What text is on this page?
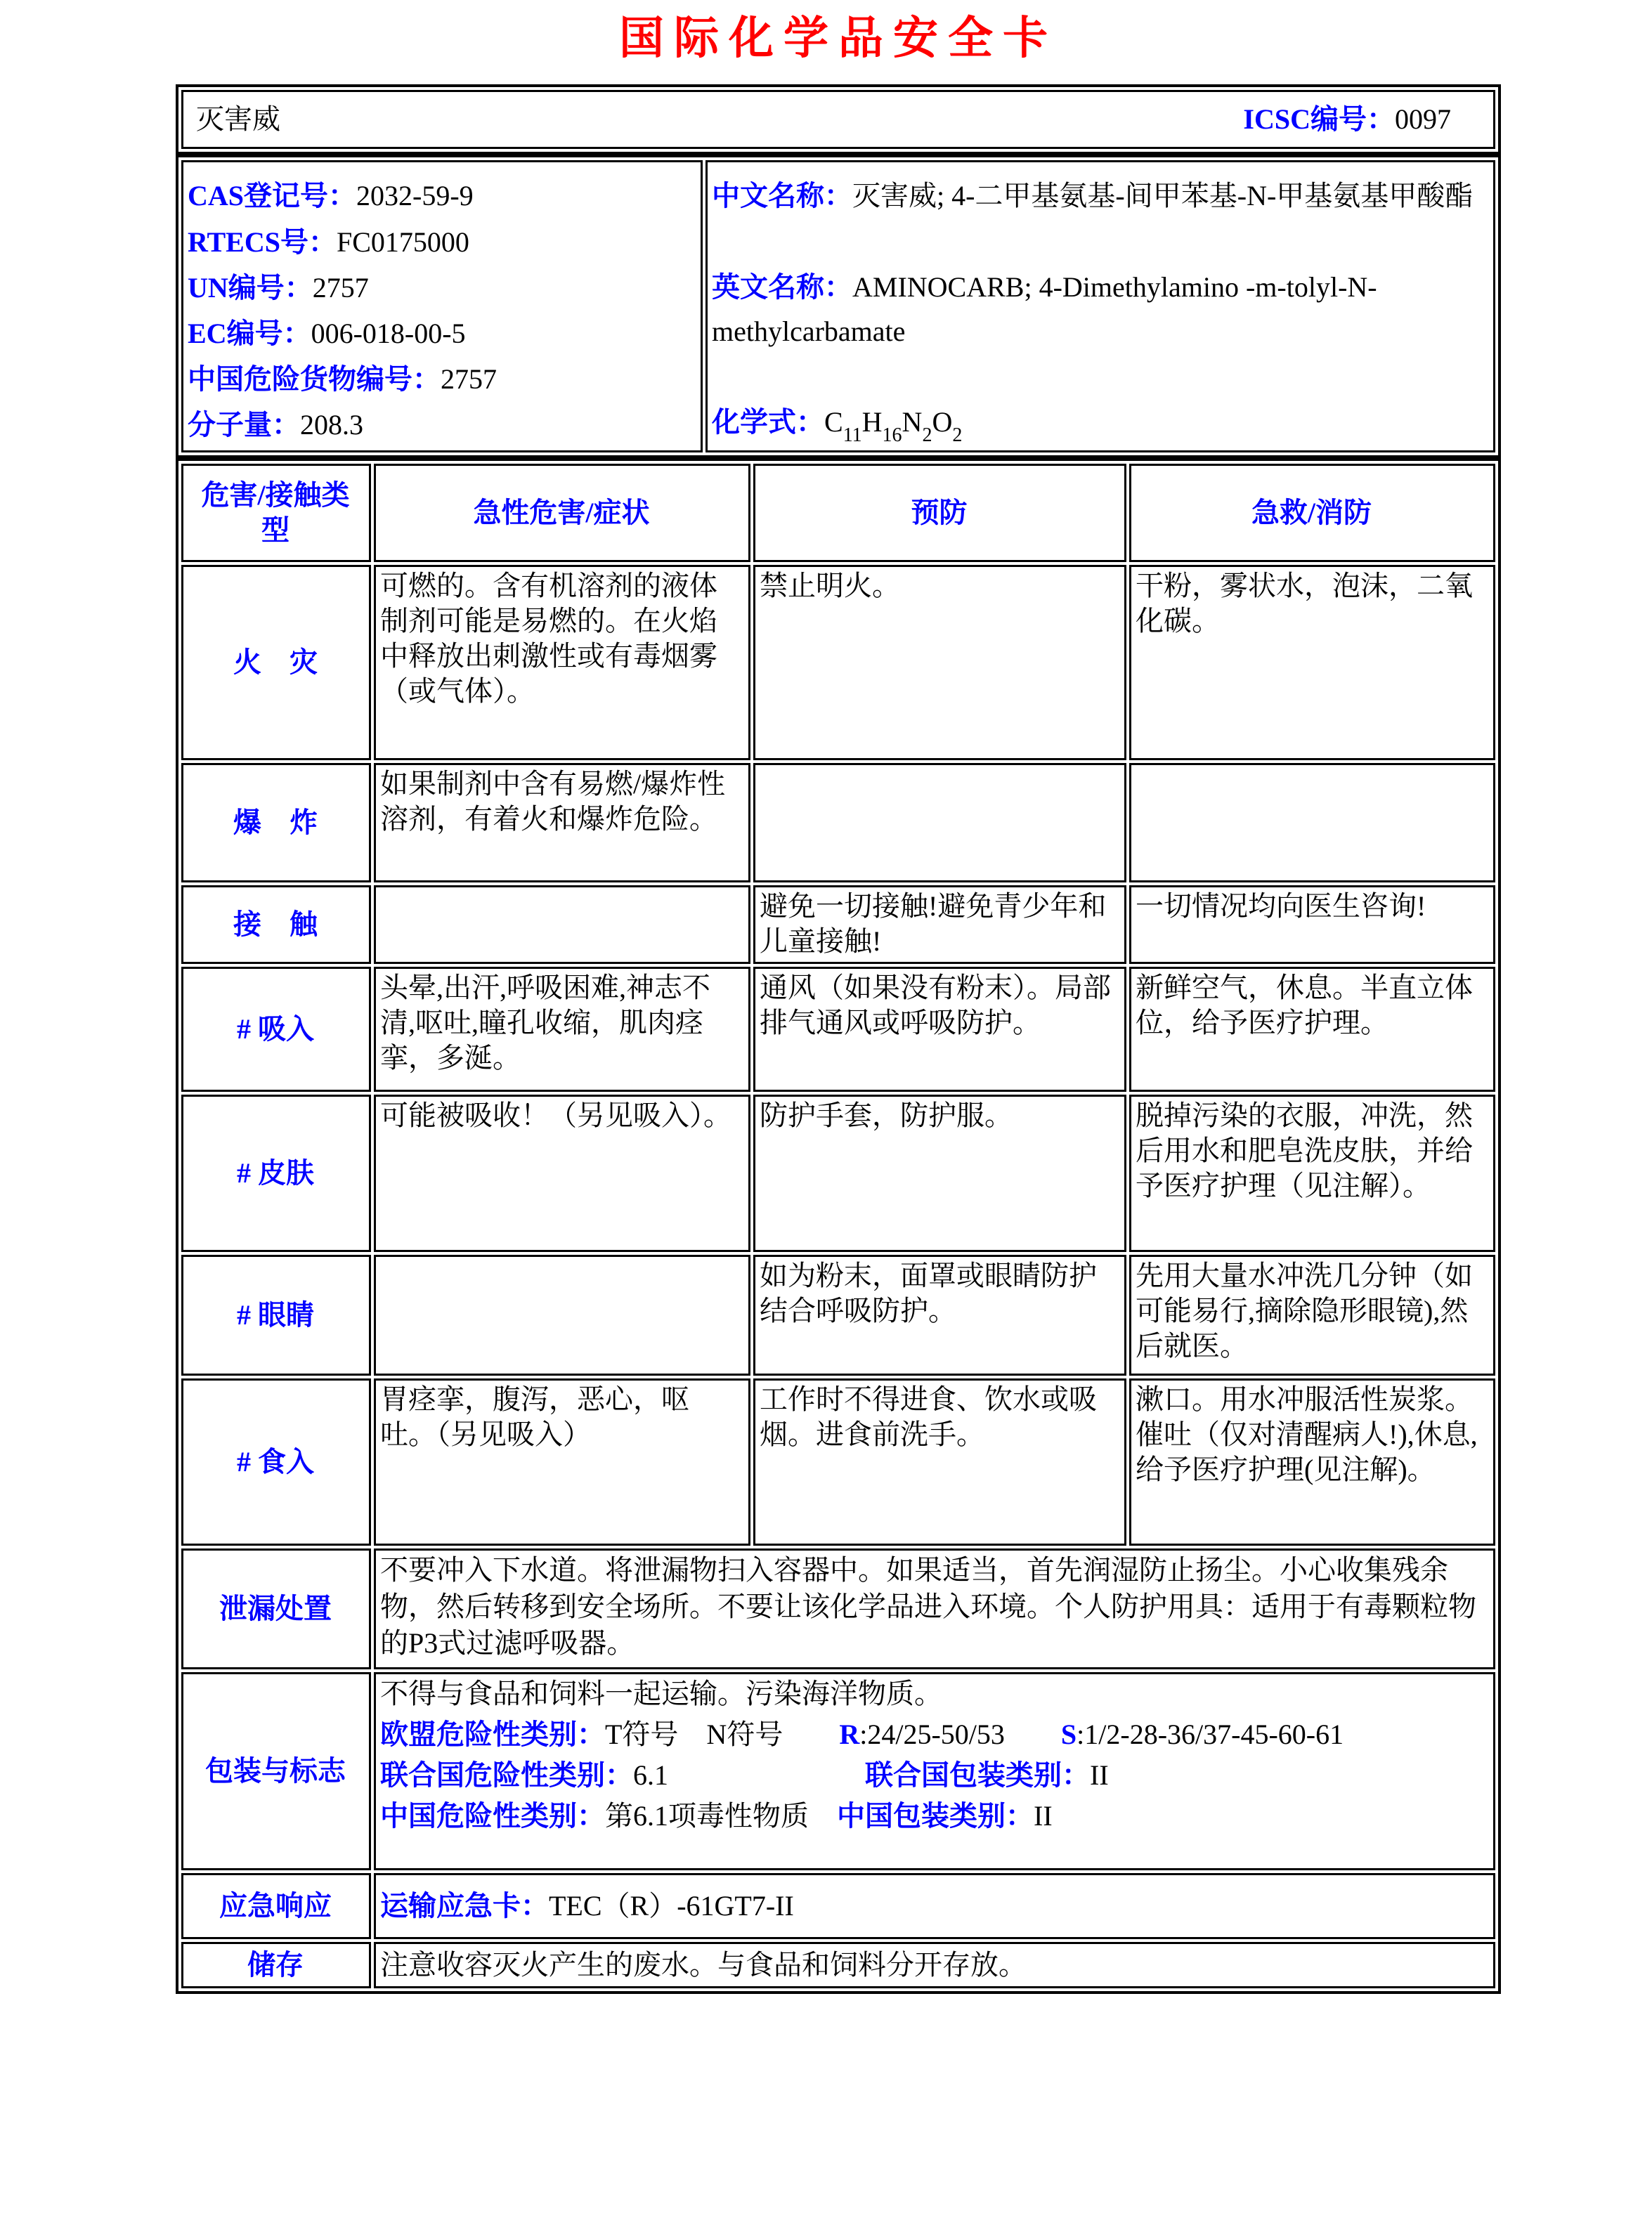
国际化学品安全卡
灭害威	ICSC编号：0097
CAS登记号：2032-59-9
RTECS号：FC0175000
UN编号：2757
EC编号：006-018-00-5
中国危险货物编号：2757
分子量：208.3

中文名称：灭害威; 4-二甲基氨基-间甲苯基-N-甲基氨基甲酸酯
英文名称：AMINOCARB; 4-Dimethylamino -m-tolyl-N-methylcarbamate
化学式：$C_{11}H_{16}N_2O_2$
危害/接触类型	急性危害/症状	预防	急救/消防
火　灾	可燃的。含有机溶剂的液体制剂可能是易燃的。在火焰中释放出刺激性或有毒烟雾（或气体）。	禁止明火。	干粉，雾状水，泡沫，二氧化碳。
爆　炸	如果制剂中含有易燃/爆炸性溶剂，有着火和爆炸危险。		
接　触		避免一切接触!避免青少年和儿童接触!	一切情况均向医生咨询!
# 吸入	头晕,出汗,呼吸困难,神志不清,呕吐,瞳孔收缩，肌肉痉挛，多涎。	通风（如果没有粉末）。局部排气通风或呼吸防护。	新鲜空气，休息。半直立体位，给予医疗护理。
# 皮肤	可能被吸收！（另见吸入）。	防护手套，防护服。	脱掉污染的衣服，冲洗，然后用水和肥皂洗皮肤，并给予医疗护理（见注解）。
# 眼睛		如为粉末，面罩或眼睛防护结合呼吸防护。	先用大量水冲洗几分钟（如可能易行,摘除隐形眼镜),然后就医。
# 食入	胃痉挛，腹泻，恶心，呕吐。（另见吸入）	工作时不得进食、饮水或吸烟。进食前洗手。	漱口。用水冲服活性炭浆。催吐（仅对清醒病人!),休息,给予医疗护理(见注解)。
泄漏处置	不要冲入下水道。将泄漏物扫入容器中。如果适当，首先润湿防止扬尘。小心收集残余物，然后转移到安全场所。不要让该化学品进入环境。个人防护用具：适用于有毒颗粒物的P3式过滤呼吸器。		
包装与标志	不得与食品和饲料一起运输。污染海洋物质。
欧盟危险性类别：T符号　N符号　　R:24/25-50/53　　S:1/2-28-36/37-45-60-61
联合国危险性类别：6.1　　　　　　　联合国包装类别：II
中国危险性类别：第6.1项毒性物质　中国包装类别：II		

应急响应	运输应急卡：TEC（R）-61GT7-II		

储存	注意收容灭火产生的废水。与食品和饲料分开存放。		
